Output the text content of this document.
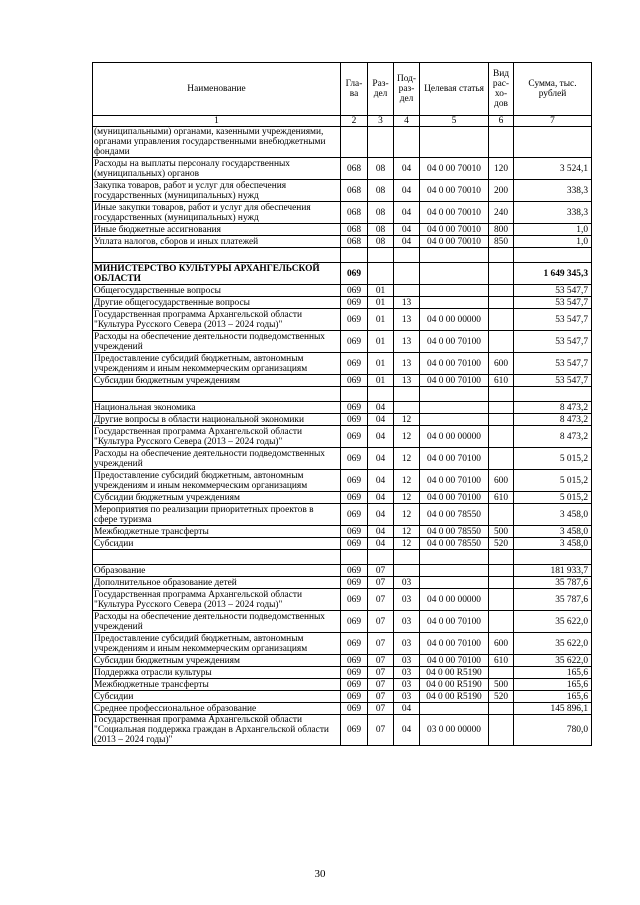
Наименование	Гла-ва	Раз-дел	Под-раз-дел	Целевая статья	Вид рас-хо-дов	Сумма, тыс. рублей
1	2	3	4	5	6	7
(муниципальными) органами, казенными учреждениями, органами управления государственными внебюджетными фондами						
Расходы на выплаты персоналу государственных (муниципальных) органов	068	08	04	04 0 00 70010	120	3 524,1
Закупка товаров, работ и услуг для обеспечения государственных (муниципальных) нужд	068	08	04	04 0 00 70010	200	338,3
Иные закупки товаров, работ и услуг для обеспечения государственных (муниципальных) нужд	068	08	04	04 0 00 70010	240	338,3
Иные бюджетные ассигнования	068	08	04	04 0 00 70010	800	1,0
Уплата налогов, сборов и иных платежей	068	08	04	04 0 00 70010	850	1,0

МИНИСТЕРСТВО КУЛЬТУРЫ АРХАНГЕЛЬСКОЙ ОБЛАСТИ	069					1 649 345,3
Общегосударственные вопросы	069	01				53 547,7
Другие общегосударственные вопросы	069	01	13			53 547,7
Государственная программа Архангельской области "Культура Русского Севера (2013 – 2024 годы)"	069	01	13	04 0 00 00000		53 547,7
Расходы на обеспечение деятельности подведомственных учреждений	069	01	13	04 0 00 70100		53 547,7
Предоставление субсидий бюджетным, автономным учреждениям и иным некоммерческим организациям	069	01	13	04 0 00 70100	600	53 547,7
Субсидии бюджетным учреждениям	069	01	13	04 0 00 70100	610	53 547,7

Национальная экономика	069	04				8 473,2
Другие вопросы в области национальной экономики	069	04	12			8 473,2
Государственная программа Архангельской области "Культура Русского Севера (2013 – 2024 годы)"	069	04	12	04 0 00 00000		8 473,2
Расходы на обеспечение деятельности подведомственных учреждений	069	04	12	04 0 00 70100		5 015,2
Предоставление субсидий бюджетным, автономным учреждениям и иным некоммерческим организациям	069	04	12	04 0 00 70100	600	5 015,2
Субсидии бюджетным учреждениям	069	04	12	04 0 00 70100	610	5 015,2
Мероприятия по реализации приоритетных проектов в сфере туризма	069	04	12	04 0 00 78550		3 458,0
Межбюджетные трансферты	069	04	12	04 0 00 78550	500	3 458,0
Субсидии	069	04	12	04 0 00 78550	520	3 458,0

Образование	069	07				181 933,7
Дополнительное образование детей	069	07	03			35 787,6
Государственная программа Архангельской области "Культура Русского Севера (2013 – 2024 годы)"	069	07	03	04 0 00 00000		35 787,6
Расходы на обеспечение деятельности подведомственных учреждений	069	07	03	04 0 00 70100		35 622,0
Предоставление субсидий бюджетным, автономным учреждениям и иным некоммерческим организациям	069	07	03	04 0 00 70100	600	35 622,0
Субсидии бюджетным учреждениям	069	07	03	04 0 00 70100	610	35 622,0
Поддержка отрасли культуры	069	07	03	04 0 00 R5190		165,6
Межбюджетные трансферты	069	07	03	04 0 00 R5190	500	165,6
Субсидии	069	07	03	04 0 00 R5190	520	165,6
Среднее профессиональное образование	069	07	04			145 896,1
Государственная программа Архангельской области "Социальная поддержка граждан в Архангельской области (2013 – 2024 годы)"	069	07	04	03 0 00 00000		780,0
30
